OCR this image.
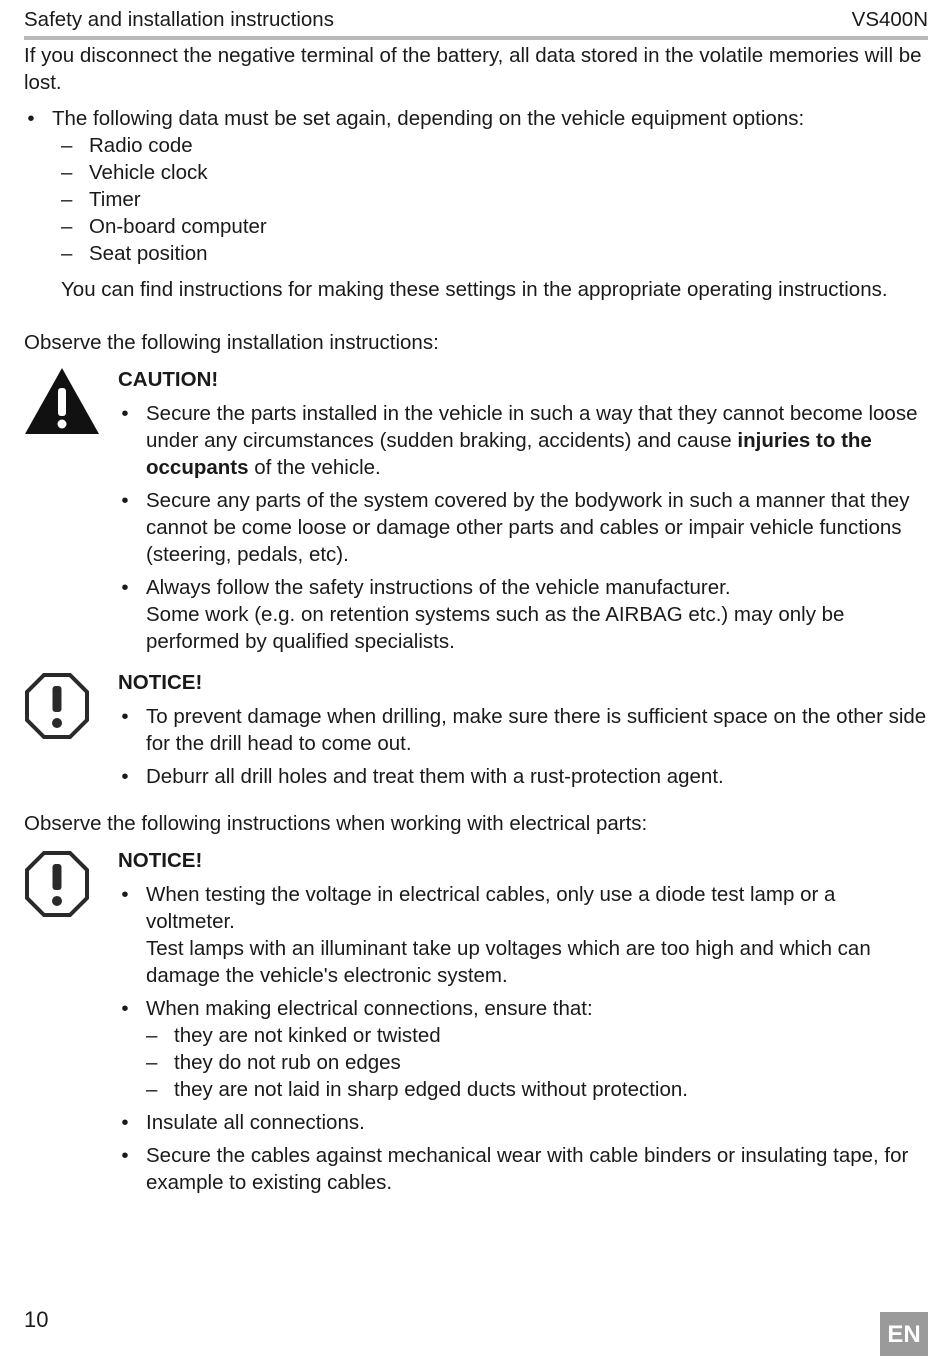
Safety and installation instructions	VS400N

If you disconnect the negative terminal of the battery, all data stored in the volatile memories will be lost.

• The following data must be set again, depending on the vehicle equipment options:
– Radio code
– Vehicle clock
– Timer
– On-board computer
– Seat position

You can find instructions for making these settings in the appropriate operating instructions.

Observe the following installation instructions:

CAUTION!
• Secure the parts installed in the vehicle in such a way that they cannot become loose under any circumstances (sudden braking, accidents) and cause injuries to the occupants of the vehicle.
• Secure any parts of the system covered by the bodywork in such a manner that they cannot be come loose or damage other parts and cables or impair vehicle functions (steering, pedals, etc).
• Always follow the safety instructions of the vehicle manufacturer.
Some work (e.g. on retention systems such as the AIRBAG etc.) may only be performed by qualified specialists.
NOTICE!
• To prevent damage when drilling, make sure there is sufficient space on the other side for the drill head to come out.
• Deburr all drill holes and treat them with a rust-protection agent.

Observe the following instructions when working with electrical parts:

NOTICE!
• When testing the voltage in electrical cables, only use a diode test lamp or a voltmeter.
Test lamps with an illuminant take up voltages which are too high and which can damage the vehicle's electronic system.
• When making electrical connections, ensure that:
– they are not kinked or twisted
– they do not rub on edges
– they are not laid in sharp edged ducts without protection.
• Insulate all connections.
• Secure the cables against mechanical wear with cable binders or insulating tape, for example to existing cables.
10
EN
